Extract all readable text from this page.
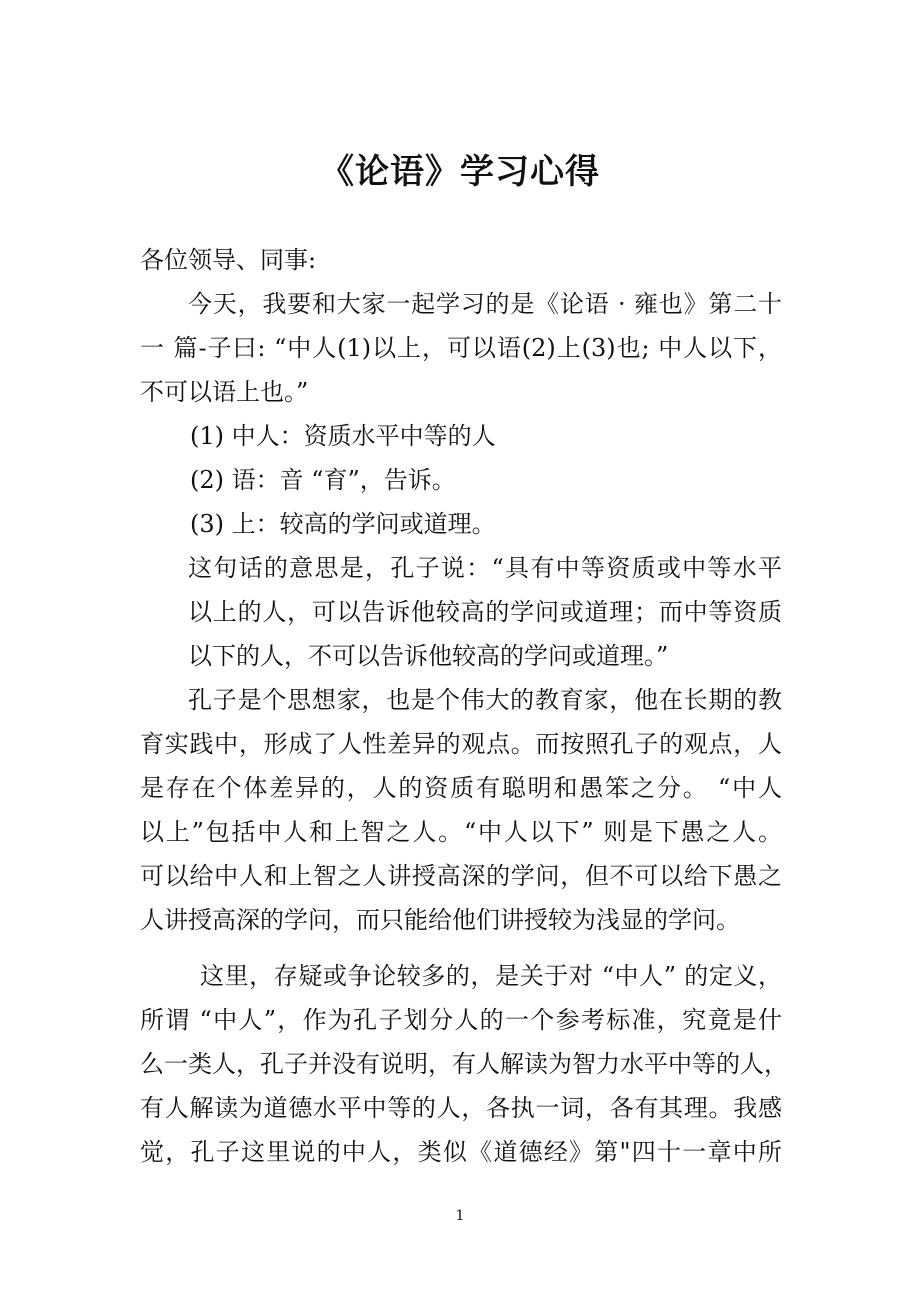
《论语》学习心得

各位领导、同事:

今天，我要和大家一起学习的是《论语 · 雍也》第二十

一 篇-子曰: “中人(1)以上，可以语(2)上(3)也; 中人以下，

不可以语上也。”

(1) 中人：资质水平中等的人

(2) 语：音 “育”，告诉。

(3) 上：较高的学问或道理。

这句话的意思是，孔子说：“具有中等资质或中等水平

以上的人，可以告诉他较高的学问或道理；而中等资质

以下的人，不可以告诉他较高的学问或道理。”

孔子是个思想家，也是个伟大的教育家，他在长期的教

育实践中，形成了人性差异的观点。而按照孔子的观点，人

是存在个体差异的，人的资质有聪明和愚笨之分。 “中人

以上”包括中人和上智之人。“中人以下” 则是下愚之人。

可以给中人和上智之人讲授高深的学问，但不可以给下愚之

人讲授高深的学问，而只能给他们讲授较为浅显的学问。

这里，存疑或争论较多的，是关于对 “中人” 的定义，

所谓 “中人”，作为孔子划分人的一个参考标准，究竟是什

么一类人，孔子并没有说明，有人解读为智力水平中等的人，

有人解读为道德水平中等的人，各执一词，各有其理。我感

觉，孔子这里说的中人，类似《道德经》第"四十一章中所

1
